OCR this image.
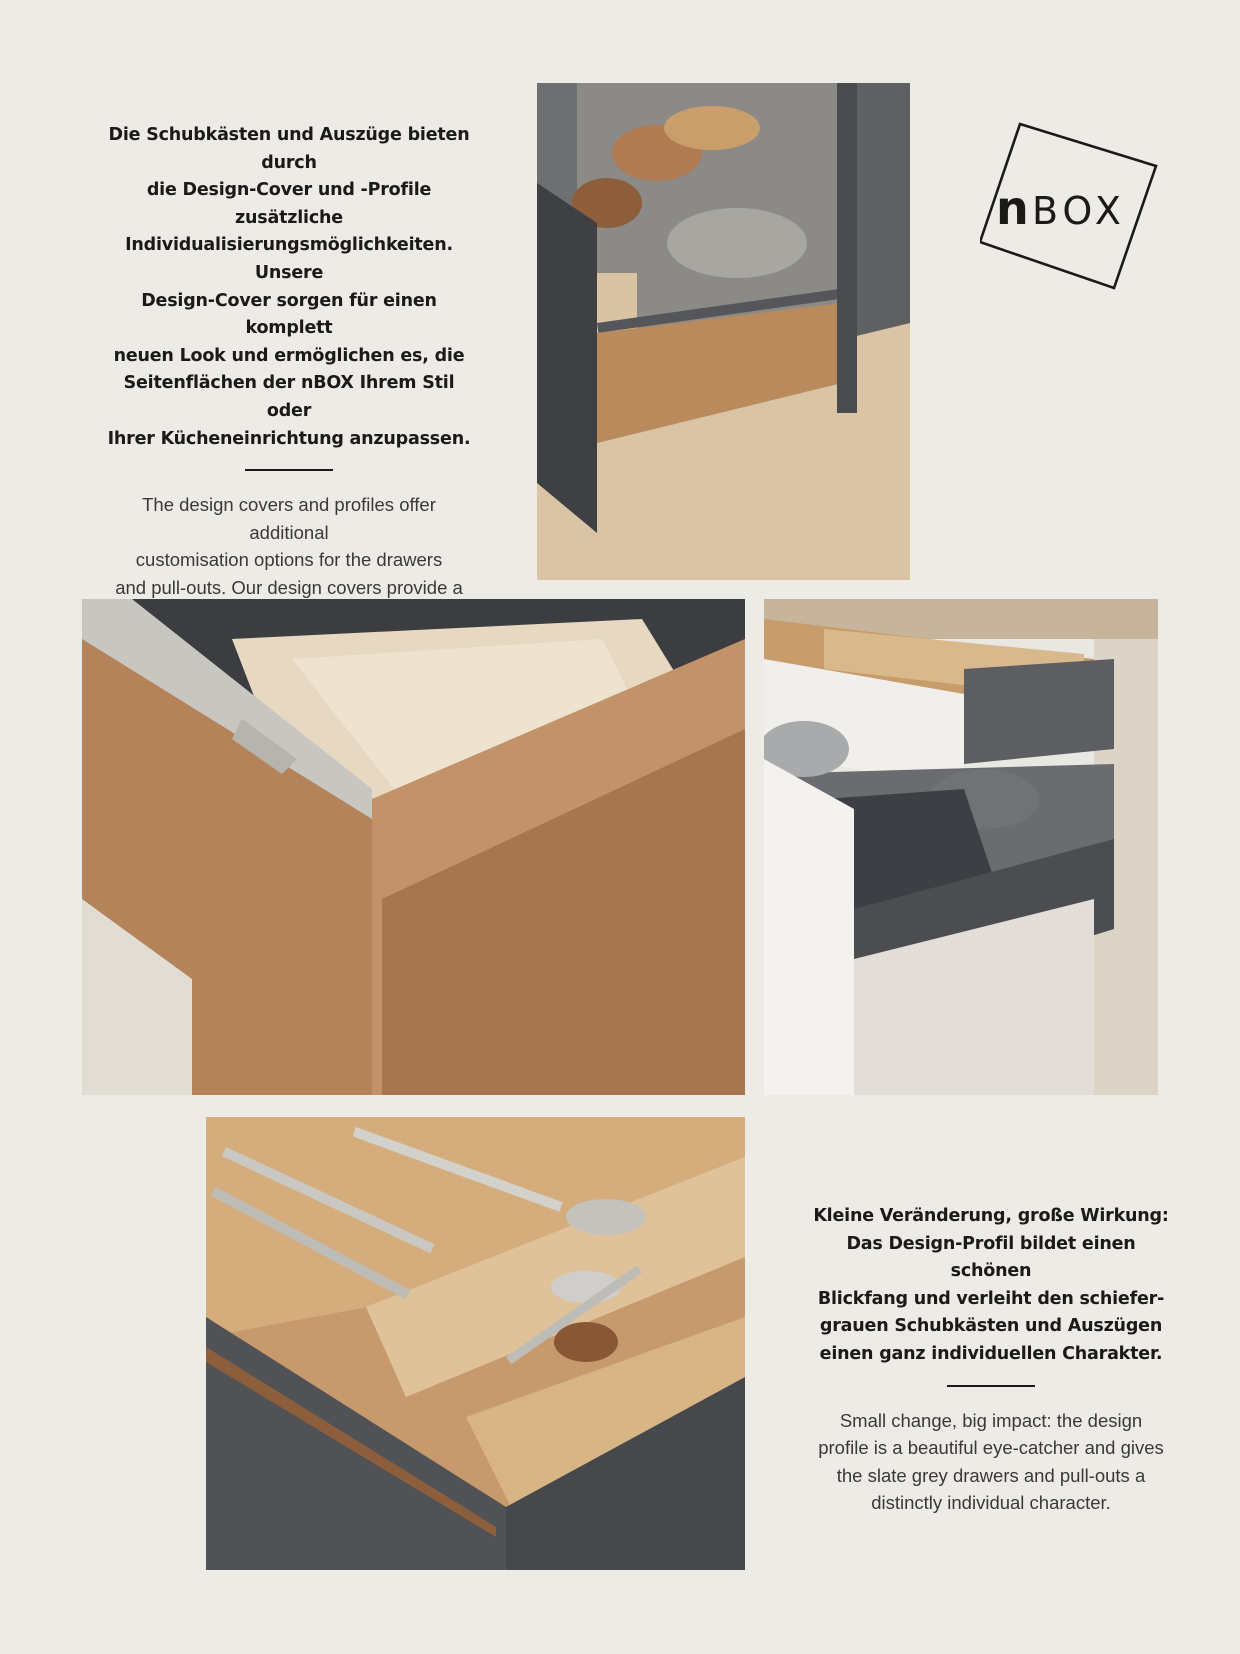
Die Schubkästen und Auszüge bieten durch
die Design-Cover und -Profile zusätzliche
Individualisierungsmöglichkeiten. Unsere
Design-Cover sorgen für einen komplett
neuen Look und ermöglichen es, die
Seitenflächen der nBOX Ihrem Stil oder
Ihrer Kücheneinrichtung anzupassen.
The design covers and profiles offer additional
customisation options for the drawers
and pull-outs. Our design covers provide a

n BOX
Kleine Veränderung, große Wirkung:
Das Design-Profil bildet einen schönen
Blickfang und verleiht den schiefer-
grauen Schubkästen und Auszügen
einen ganz individuellen Charakter.
Small change, big impact: the design
profile is a beautiful eye-catcher and gives
the slate grey drawers and pull-outs a
distinctly individual character.
